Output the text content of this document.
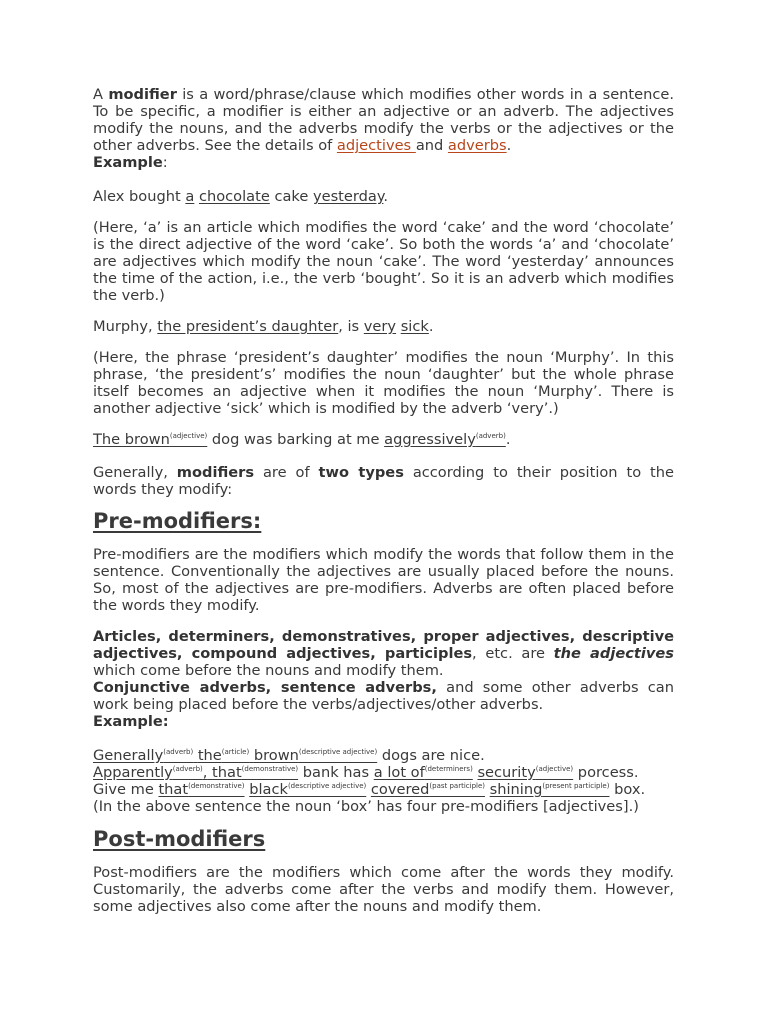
A modifier is a word/phrase/clause which modifies other words in a sentence. To be specific, a modifier is either an adjective or an adverb. The adjectives modify the nouns, and the adverbs modify the verbs or the adjectives or the other adverbs. See the details of adjectives and adverbs.
Example:

Alex bought a chocolate cake yesterday.

(Here, ‘a’ is an article which modifies the word ‘cake’ and the word ‘chocolate’ is the direct adjective of the word ‘cake’. So both the words ‘a’ and ‘chocolate’ are adjectives which modify the noun ‘cake’. The word ‘yesterday’ announces the time of the action, i.e., the verb ‘bought’. So it is an adverb which modifies the verb.)

Murphy, the president’s daughter, is very sick.

(Here, the phrase ‘president’s daughter’ modifies the noun ‘Murphy’. In this phrase, ‘the president’s’ modifies the noun ‘daughter’ but the whole phrase itself becomes an adjective when it modifies the noun ‘Murphy’. There is another adjective ‘sick’ which is modified by the adverb ‘very’.)

The brown$^{(adjective)}$ dog was barking at me aggressively$^{(adverb)}$.

Generally, modifiers are of two types according to their position to the words they modify:

Pre-modifiers:

Pre-modifiers are the modifiers which modify the words that follow them in the sentence. Conventionally the adjectives are usually placed before the nouns. So, most of the adjectives are pre-modifiers. Adverbs are often placed before the words they modify.

Articles, determiners, demonstratives, proper adjectives, descriptive adjectives, compound adjectives, participles, etc. are the adjectives which come before the nouns and modify them.
Conjunctive adverbs, sentence adverbs, and some other adverbs can work being placed before the verbs/adjectives/other adverbs.
Example:

Generally$^{(adverb)}$ the$^{(article)}$ brown$^{(descriptive adjective)}$ dogs are nice.

Apparently$^{(adverb)}$, that$^{(demonstrative)}$ bank has a lot $of^{(determiners)}$ security$^{(adjective)}$ porcess.

Give me that$^{(demonstrative)}$ black$^{(descriptive adjective)}$ covered$^{(past participle)}$ shining$^{(present participle)}$ box.

(In the above sentence the noun ‘box’ has four pre-modifiers [adjectives].)

Post-modifiers

Post-modifiers are the modifiers which come after the words they modify. Customarily, the adverbs come after the verbs and modify them. However, some adjectives also come after the nouns and modify them.
